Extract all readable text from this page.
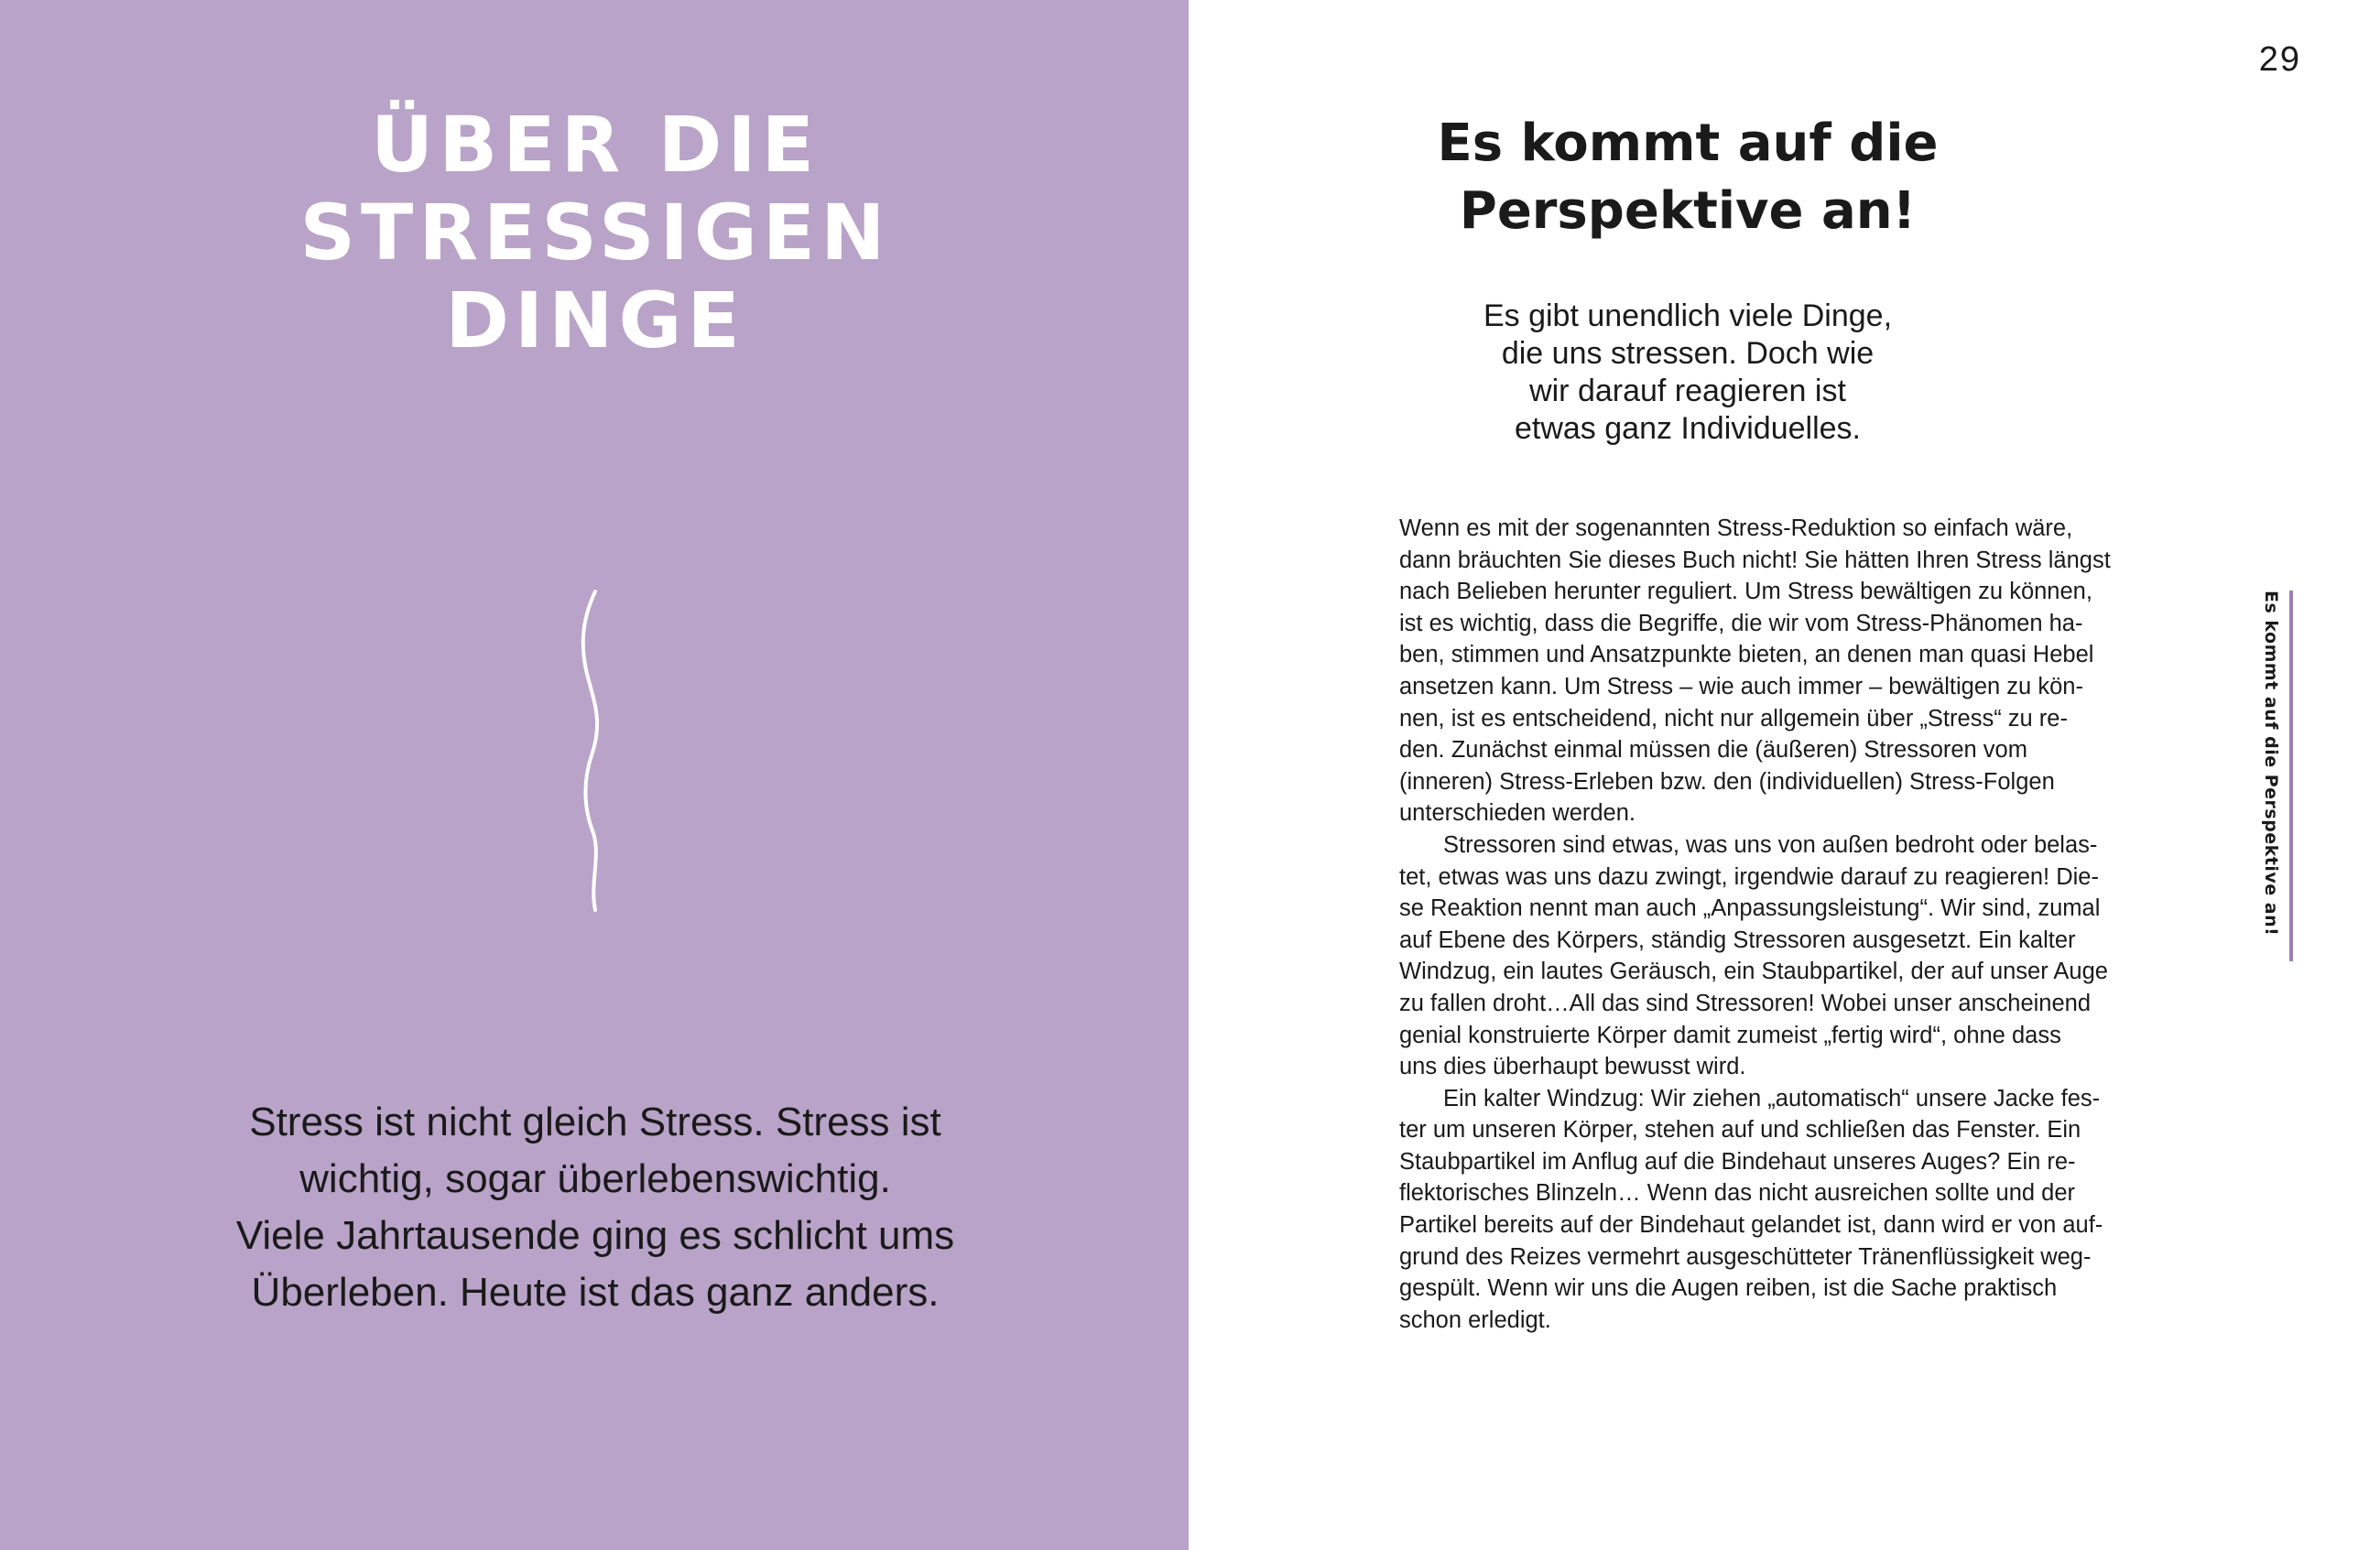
ÜBER DIE
STRESSIGEN
DINGE
Stress ist nicht gleich Stress. Stress ist
wichtig, sogar überlebenswichtig.
Viele Jahrtausende ging es schlicht ums
Überleben. Heute ist das ganz anders.
29
Es kommt auf die
Perspektive an!
Es gibt unendlich viele Dinge,
die uns stressen. Doch wie
wir darauf reagieren ist
etwas ganz Individuelles.
Wenn es mit der sogenannten Stress-Reduktion so einfach wäre,
dann bräuchten Sie dieses Buch nicht! Sie hätten Ihren Stress längst
nach Belieben herunter reguliert. Um Stress bewältigen zu können,
ist es wichtig, dass die Begriffe, die wir vom Stress-Phänomen ha-
ben, stimmen und Ansatzpunkte bieten, an denen man quasi Hebel
ansetzen kann. Um Stress – wie auch immer – bewältigen zu kön-
nen, ist es entscheidend, nicht nur allgemein über „Stress“ zu re-
den. Zunächst einmal müssen die (äußeren) Stressoren vom
(inneren) Stress-Erleben bzw. den (individuellen) Stress-Folgen
unterschieden werden.
Stressoren sind etwas, was uns von außen bedroht oder belas-
tet, etwas was uns dazu zwingt, irgendwie darauf zu reagieren! Die-
se Reaktion nennt man auch „Anpassungsleistung“. Wir sind, zumal
auf Ebene des Körpers, ständig Stressoren ausgesetzt. Ein kalter
Windzug, ein lautes Geräusch, ein Staubpartikel, der auf unser Auge
zu fallen droht…All das sind Stressoren! Wobei unser anscheinend
genial konstruierte Körper damit zumeist „fertig wird“, ohne dass
uns dies überhaupt bewusst wird.
Ein kalter Windzug: Wir ziehen „automatisch“ unsere Jacke fes-
ter um unseren Körper, stehen auf und schließen das Fenster. Ein
Staubpartikel im Anflug auf die Bindehaut unseres Auges? Ein re-
flektorisches Blinzeln… Wenn das nicht ausreichen sollte und der
Partikel bereits auf der Bindehaut gelandet ist, dann wird er von auf-
grund des Reizes vermehrt ausgeschütteter Tränenflüssigkeit weg-
gespült. Wenn wir uns die Augen reiben, ist die Sache praktisch
schon erledigt.
Es kommt auf die Perspektive an!
